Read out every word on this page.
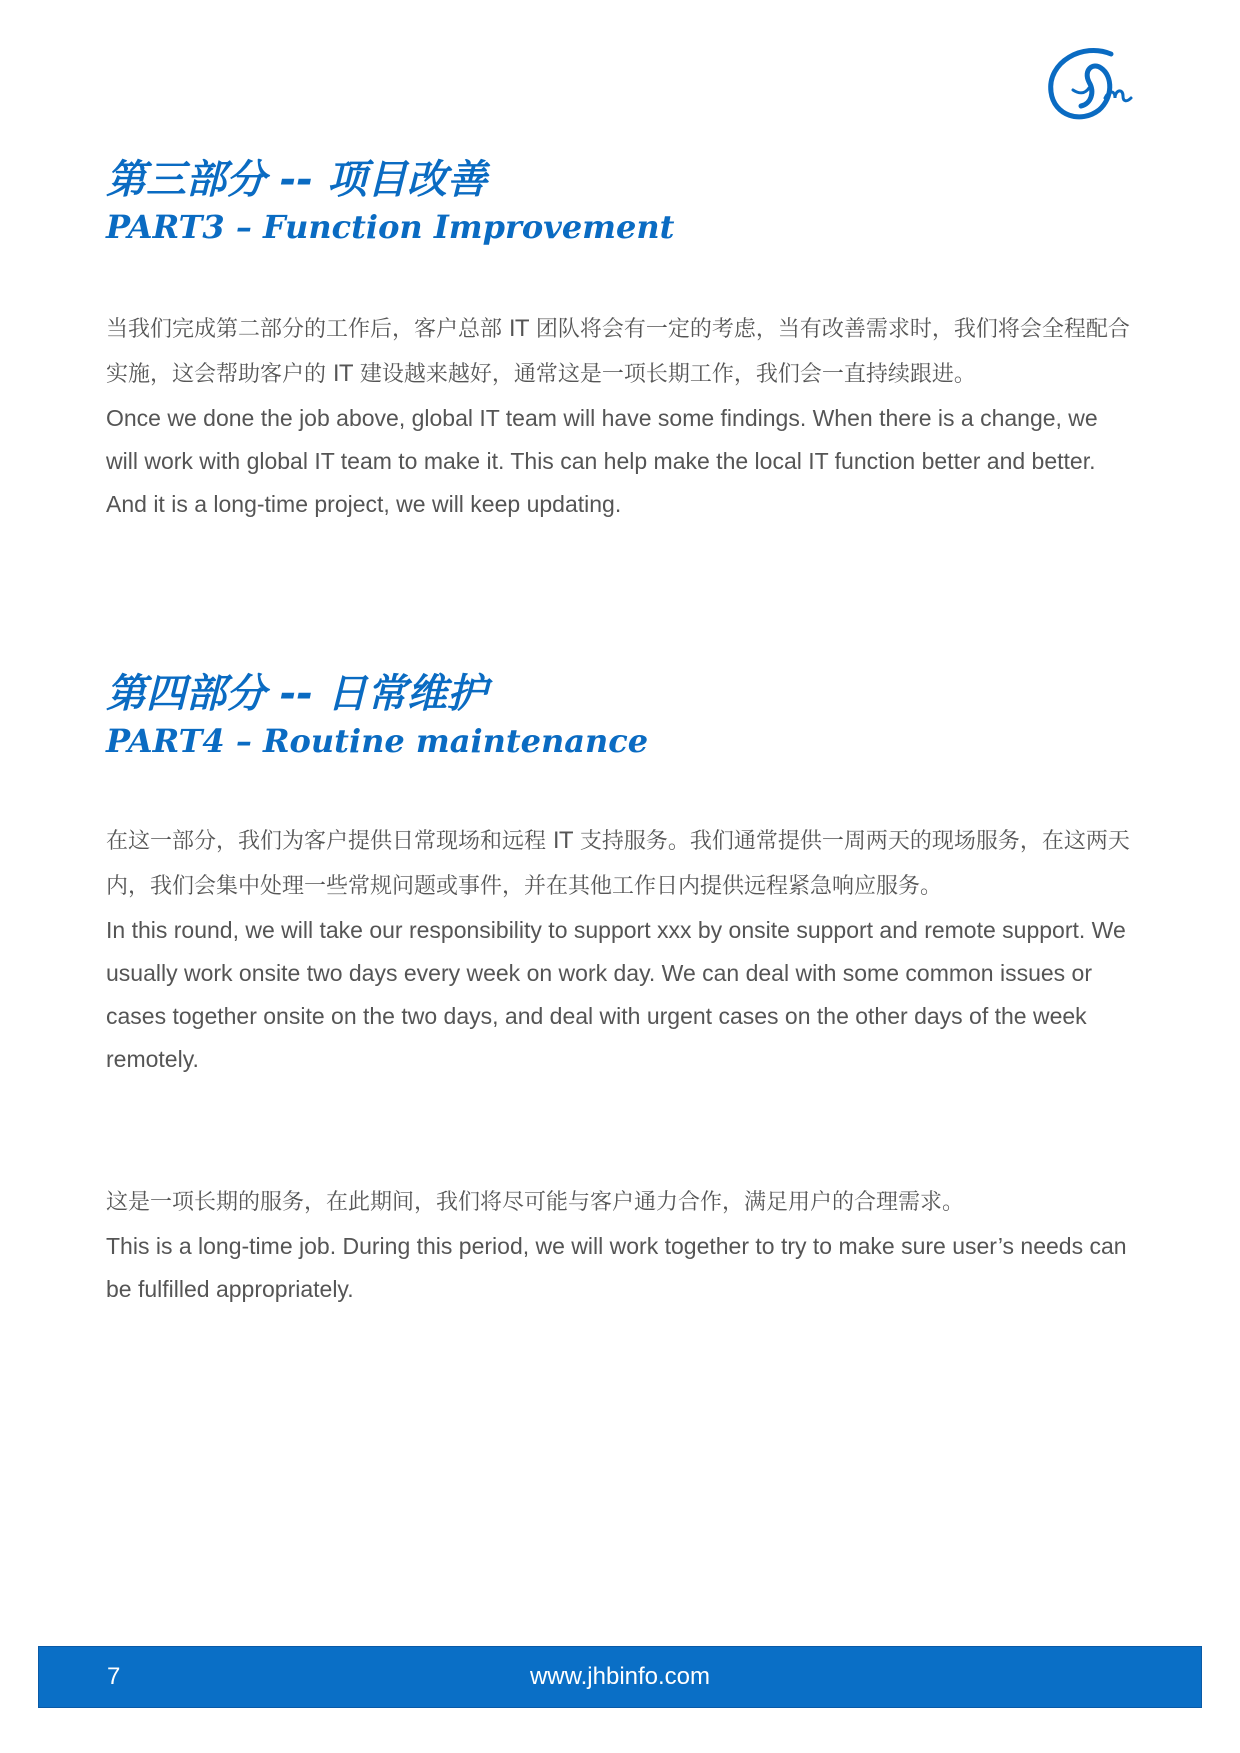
第三部分 -- 项目改善
PART3 – Function Improvement

当我们完成第二部分的工作后，客户总部 IT 团队将会有一定的考虑，当有改善需求时，我们将会全程配合实施，这会帮助客户的 IT 建设越来越好，通常这是一项长期工作，我们会一直持续跟进。

Once we done the job above, global IT team will have some findings. When there is a change, we will work with global IT team to make it. This can help make the local IT function better and better. And it is a long-time project, we will keep updating.

第四部分 -- 日常维护
PART4 – Routine maintenance

在这一部分，我们为客户提供日常现场和远程 IT 支持服务。我们通常提供一周两天的现场服务，在这两天内，我们会集中处理一些常规问题或事件，并在其他工作日内提供远程紧急响应服务。

In this round, we will take our responsibility to support xxx by onsite support and remote support. We usually work onsite two days every week on work day. We can deal with some common issues or cases together onsite on the two days, and deal with urgent cases on the other days of the week remotely.

这是一项长期的服务，在此期间，我们将尽可能与客户通力合作，满足用户的合理需求。

This is a long-time job. During this period, we will work together to try to make sure user’s needs can be fulfilled appropriately.

7	www.jhbinfo.com
